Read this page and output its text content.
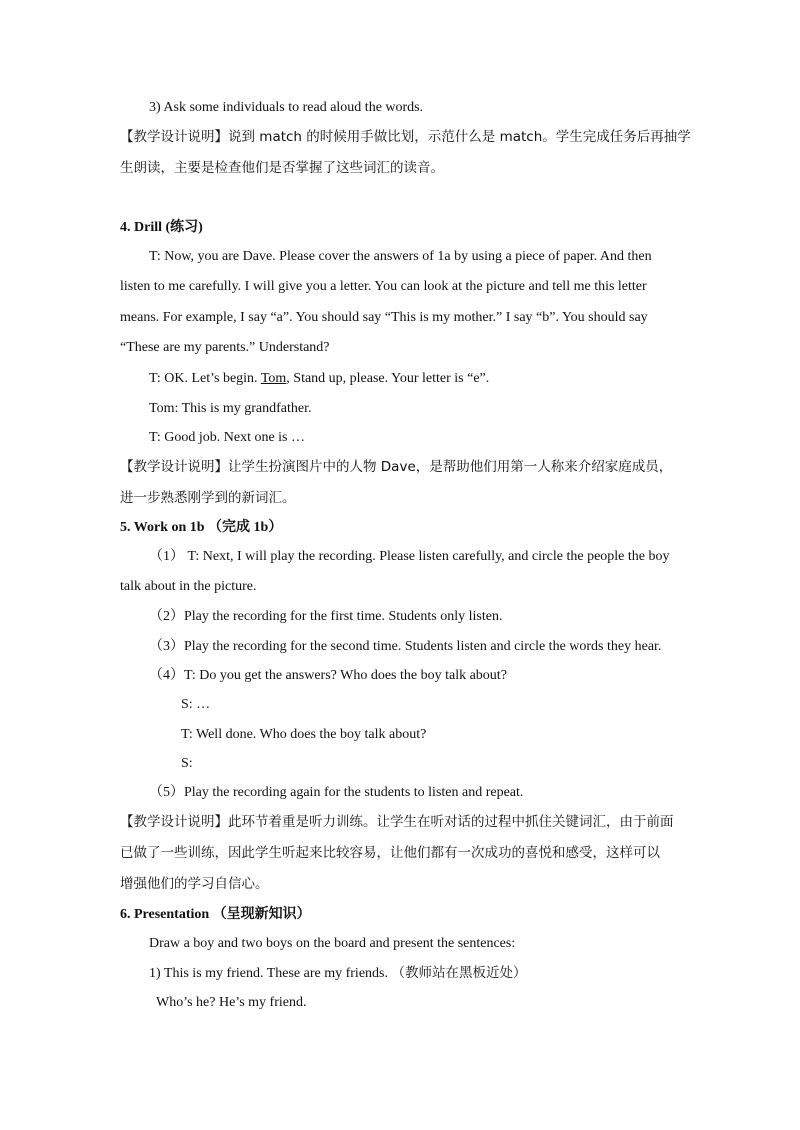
3) Ask some individuals to read aloud the words.
【教学设计说明】说到 match 的时候用手做比划，示范什么是 match。学生完成任务后再抽学
生朗读，主要是检查他们是否掌握了这些词汇的读音。
4. Drill (练习)
T: Now, you are Dave. Please cover the answers of 1a by using a piece of paper. And then
listen to me carefully. I will give you a letter. You can look at the picture and tell me this letter
means. For example, I say “a”. You should say “This is my mother.” I say “b”. You should say
“These are my parents.” Understand?
T: OK. Let’s begin. Tom, Stand up, please. Your letter is “e”.
Tom: This is my grandfather.
T: Good job. Next one is …
【教学设计说明】让学生扮演图片中的人物 Dave，是帮助他们用第一人称来介绍家庭成员，
进一步熟悉刚学到的新词汇。
5. Work on 1b （完成 1b）
（1） T: Next, I will play the recording. Please listen carefully, and circle the people the boy
talk about in the picture.
（2）Play the recording for the first time. Students only listen.
（3）Play the recording for the second time. Students listen and circle the words they hear.
（4）T: Do you get the answers? Who does the boy talk about?
S: …
T: Well done. Who does the boy talk about?
S:
（5）Play the recording again for the students to listen and repeat.
【教学设计说明】此环节着重是听力训练。让学生在听对话的过程中抓住关键词汇，由于前面
已做了一些训练，因此学生听起来比较容易，让他们都有一次成功的喜悦和感受，这样可以
增强他们的学习自信心。
6. Presentation （呈现新知识）
Draw a boy and two boys on the board and present the sentences:
1) This is my friend. These are my friends. （教师站在黑板近处）
Who’s he? He’s my friend.
